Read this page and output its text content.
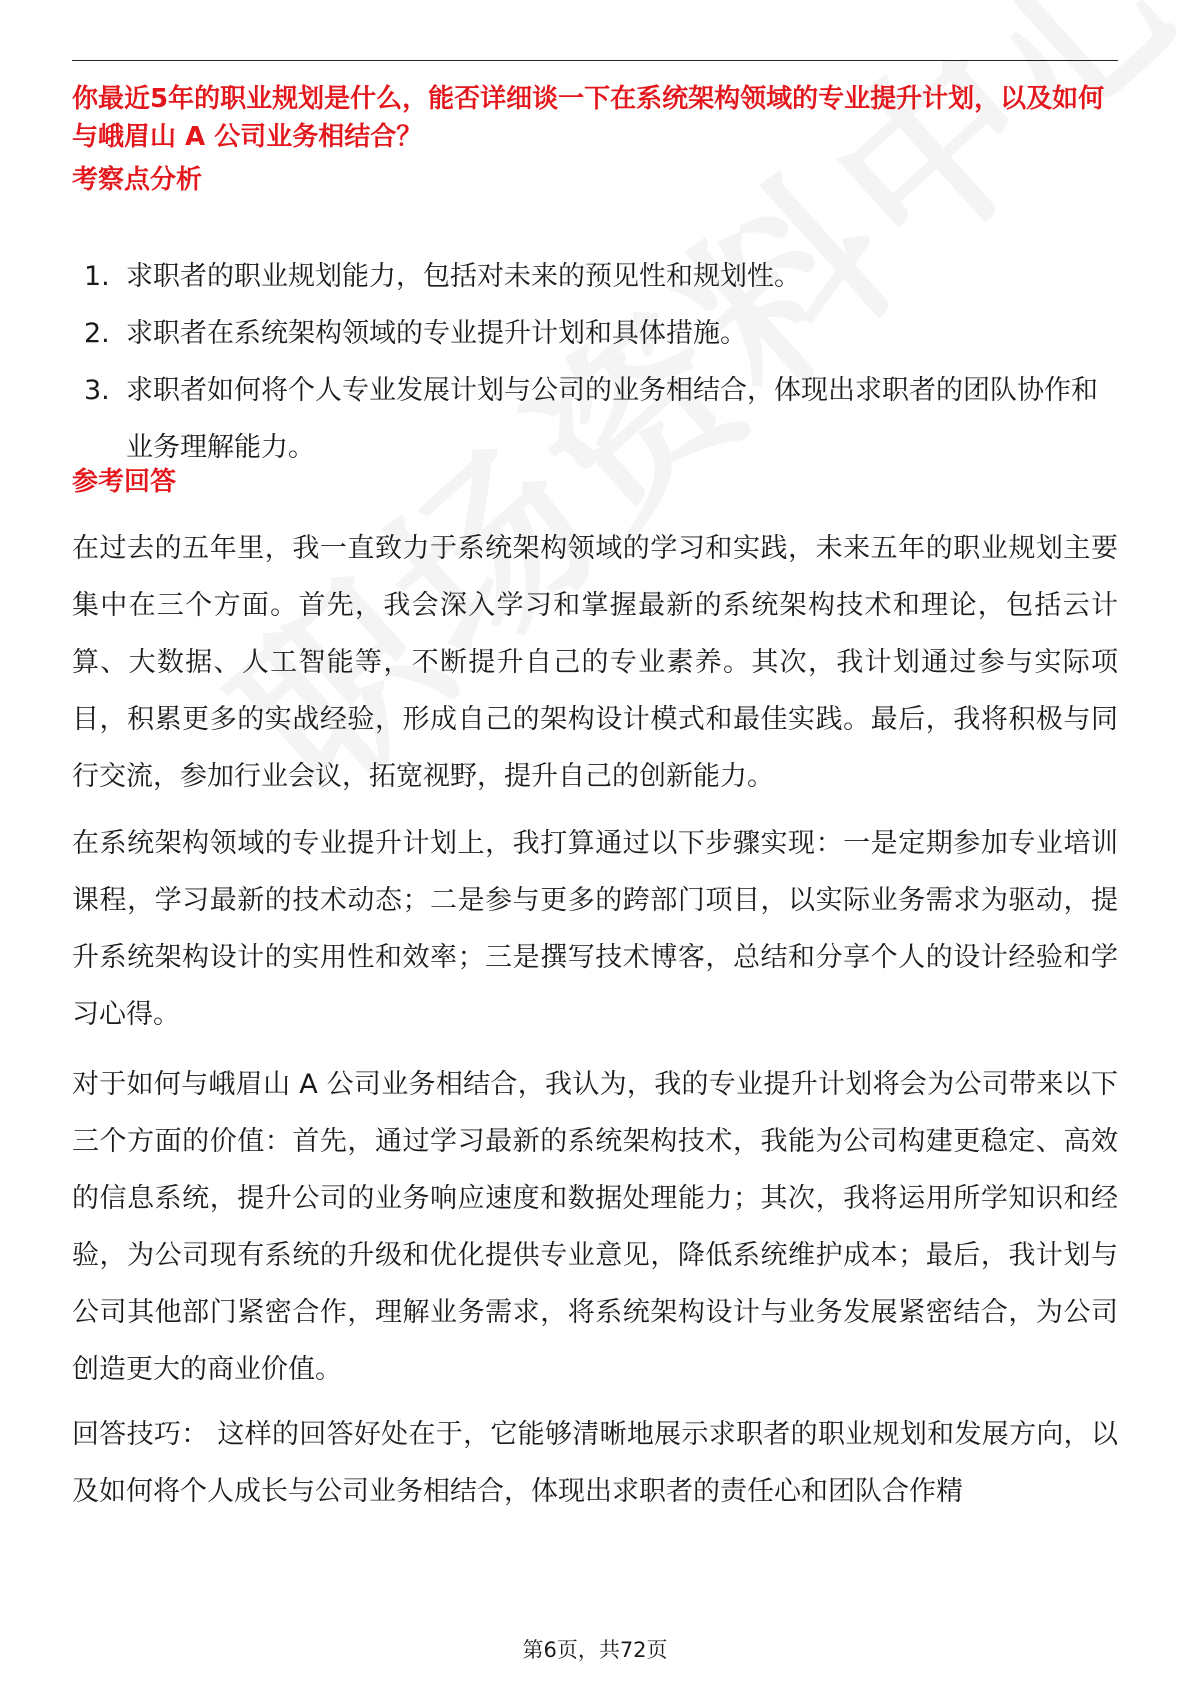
你最近5年的职业规划是什么，能否详细谈一下在系统架构领域的专业提升计划，以及如何与峨眉山 A 公司业务相结合？

考察点分析
1. 求职者的职业规划能力，包括对未来的预见性和规划性。
2. 求职者在系统架构领域的专业提升计划和具体措施。
3. 求职者如何将个人专业发展计划与公司的业务相结合，体现出求职者的团队协作和业务理解能力。
参考回答

在过去的五年里，我一直致力于系统架构领域的学习和实践，未来五年的职业规划主要集中在三个方面。首先，我会深入学习和掌握最新的系统架构技术和理论，包括云计算、大数据、人工智能等，不断提升自己的专业素养。其次，我计划通过参与实际项目，积累更多的实战经验，形成自己的架构设计模式和最佳实践。最后，我将积极与同行交流，参加行业会议，拓宽视野，提升自己的创新能力。

在系统架构领域的专业提升计划上，我打算通过以下步骤实现：一是定期参加专业培训课程，学习最新的技术动态；二是参与更多的跨部门项目，以实际业务需求为驱动，提升系统架构设计的实用性和效率；三是撰写技术博客，总结和分享个人的设计经验和学习心得。

对于如何与峨眉山 A 公司业务相结合，我认为，我的专业提升计划将会为公司带来以下三个方面的价值：首先，通过学习最新的系统架构技术，我能为公司构建更稳定、高效的信息系统，提升公司的业务响应速度和数据处理能力；其次，我将运用所学知识和经验，为公司现有系统的升级和优化提供专业意见，降低系统维护成本；最后，我计划与公司其他部门紧密合作，理解业务需求，将系统架构设计与业务发展紧密结合，为公司创造更大的商业价值。

回答技巧： 这样的回答好处在于，它能够清晰地展示求职者的职业规划和发展方向，以及如何将个人成长与公司业务相结合，体现出求职者的责任心和团队合作精

第6页，共72页
